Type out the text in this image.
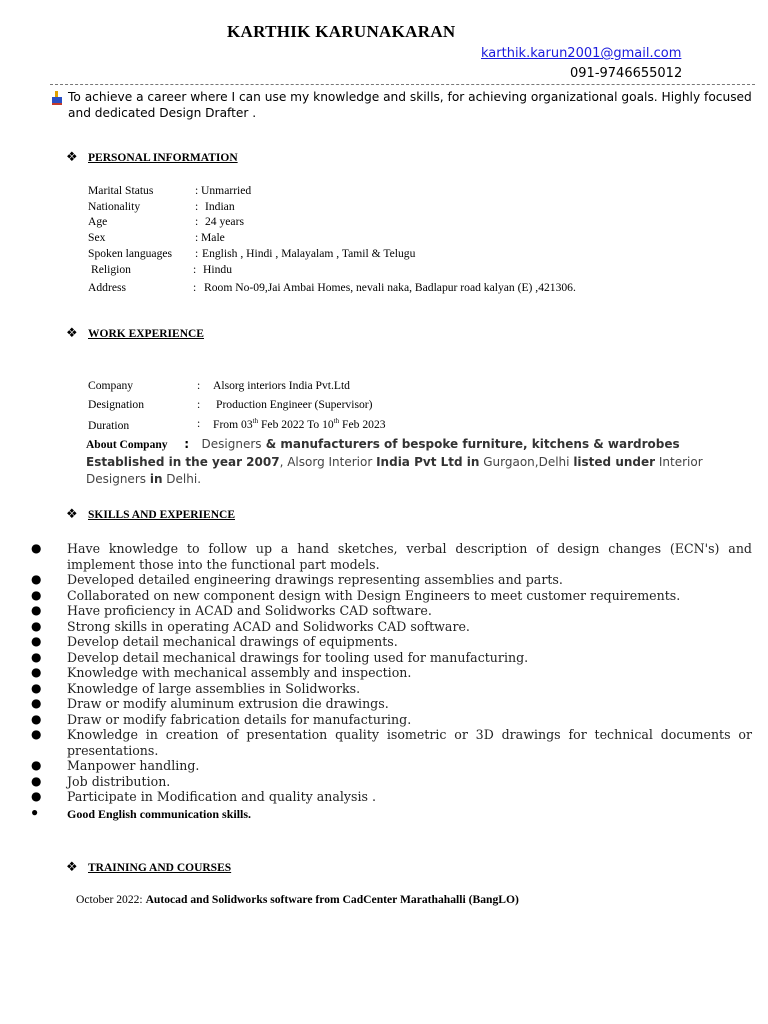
KARTHIK KARUNAKARAN
karthik.karun2001@gmail.com
091-9746655012
To achieve a career where I can use my knowledge and skills, for achieving organizational goals. Highly focused and dedicated Design Drafter .
❖ PERSONAL INFORMATION
Marital Status	: Unmarried
Nationality	: Indian
Age	: 24 years
Sex	: Male
Spoken languages : English , Hindi , Malayalam , Tamil & Telugu
Religion	: Hindu
Address	: Room No-09,Jai Ambai Homes, nevali naka, Badlapur road kalyan (E) ,421306.
❖ WORK EXPERIENCE
Company	: Alsorg interiors India Pvt.Ltd
Designation	: Production Engineer (Supervisor)
Duration	: From 03th Feb 2022 To 10th Feb 2023
About Company    :   Designers & manufacturers of bespoke furniture, kitchens & wardrobes Established in the year 2007, Alsorg Interior India Pvt Ltd in Gurgaon,Delhi listed under Interior Designers in Delhi.
❖ SKILLS AND EXPERIENCE
● Have knowledge to follow up a hand sketches, verbal description of design changes (ECN's) and implement those into the functional part models.
● Developed detailed engineering drawings representing assemblies and parts.
● Collaborated on new component design with Design Engineers to meet customer requirements.
● Have proficiency in ACAD and Solidworks CAD software.
● Strong skills in operating ACAD and Solidworks CAD software.
● Develop detail mechanical drawings of equipments.
● Develop detail mechanical drawings for tooling used for manufacturing.
● Knowledge with mechanical assembly and inspection.
● Knowledge of large assemblies in Solidworks.
● Draw or modify aluminum extrusion die drawings.
● Draw or modify fabrication details for manufacturing.
● Knowledge in creation of presentation quality isometric or 3D drawings for technical documents or presentations.
● Manpower handling.
● Job distribution.
● Participate in Modification and quality analysis .
● Good English communication skills.
❖ TRAINING AND COURSES
October 2022: Autocad and Solidworks software from CadCenter Marathahalli (BangLO)
